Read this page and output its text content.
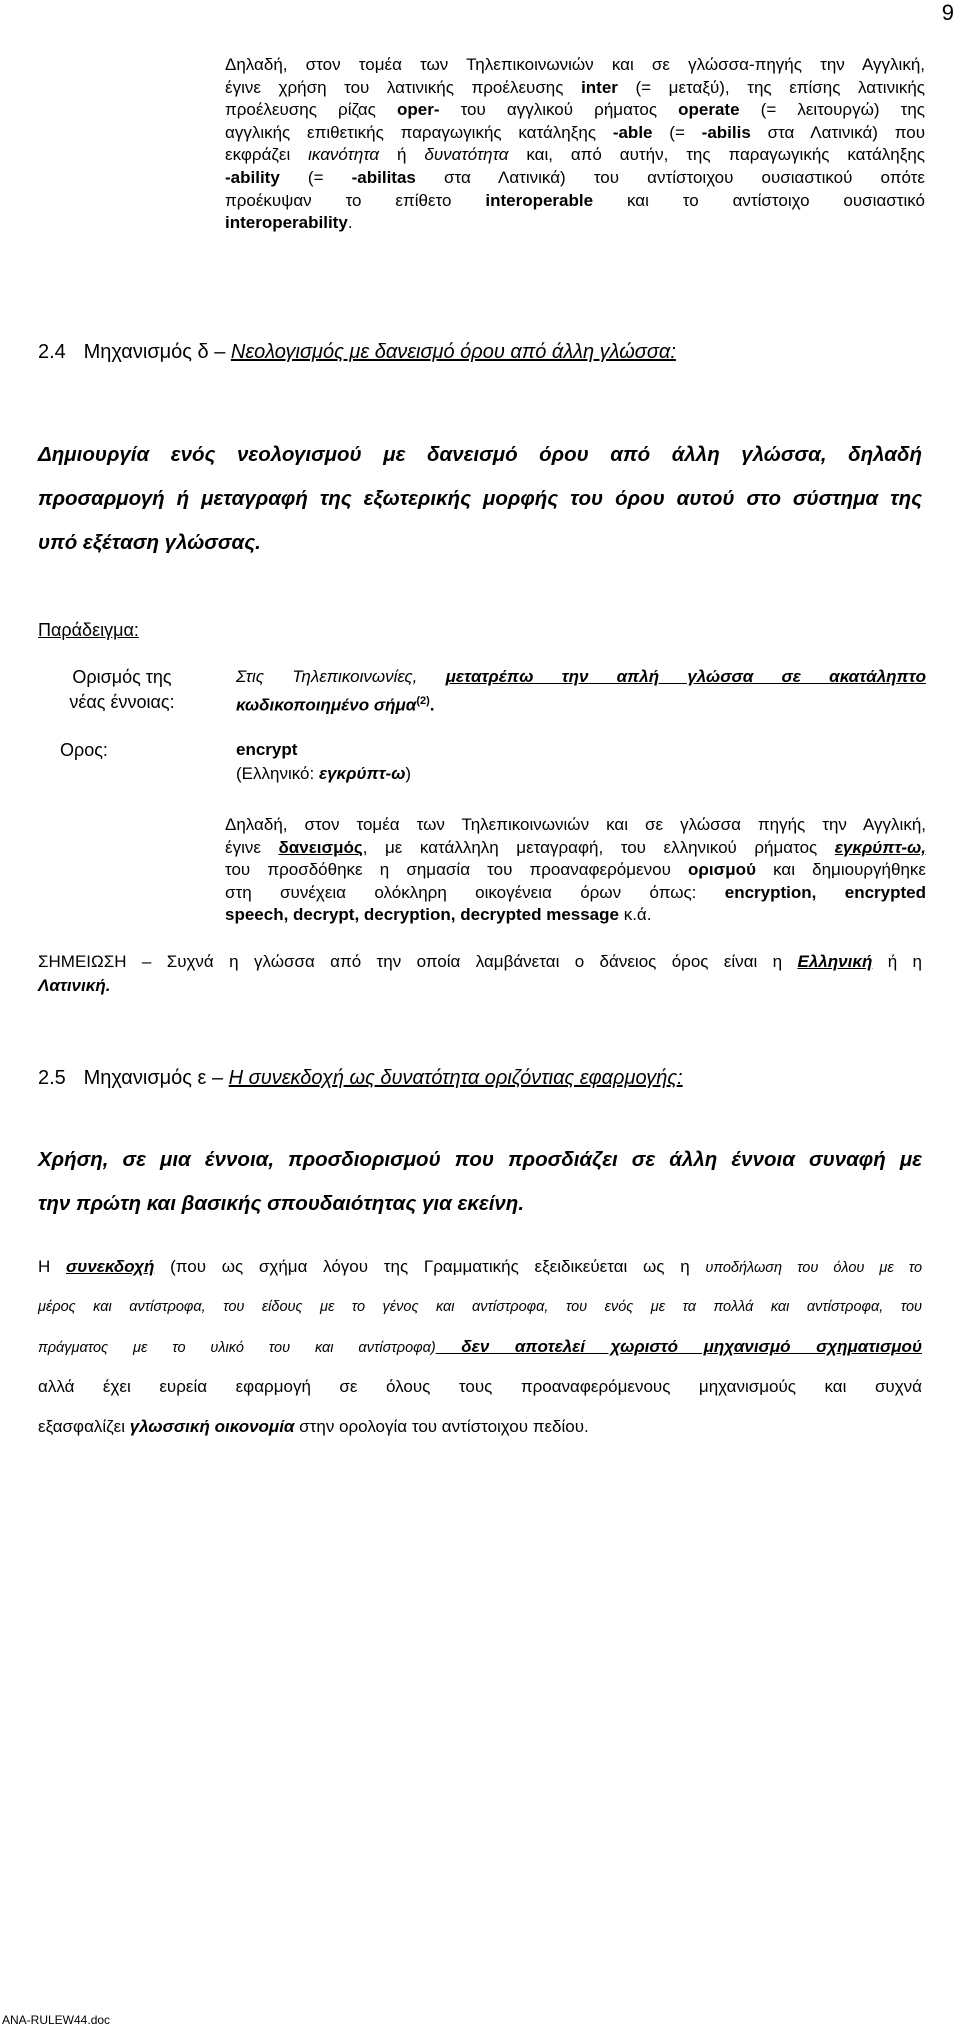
9
Δηλαδή, στον τομέα των Τηλεπικοινωνιών και σε γλώσσα-πηγής την Αγγλική,
έγινε χρήση του λατινικής προέλευσης inter (= μεταξύ), της επίσης λατινικής
προέλευσης ρίζας oper- του αγγλικού ρήματος operate (= λειτουργώ) της
αγγλικής επιθετικής παραγωγικής κατάληξης -able (= -abilis στα Λατινικά) που
εκφράζει ικανότητα ή δυνατότητα και, από αυτήν, της παραγωγικής κατάληξης
-ability (= -abilitas στα Λατινικά) του αντίστοιχου ουσιαστικού οπότε
προέκυψαν το επίθετο interoperable και το αντίστοιχο ουσιαστικό
interoperability.
2.4 Μηχανισμός δ – Νεολογισμός με δανεισμό όρου από άλλη γλώσσα:
Δημιουργία ενός νεολογισμού με δανεισμό όρου από άλλη γλώσσα, δηλαδή
προσαρμογή ή μεταγραφή της εξωτερικής μορφής του όρου αυτού στο σύστημα της
υπό εξέταση γλώσσας.
Παράδειγμα:
Ορισμός της
νέας έννοιας:
Στις Τηλεπικοινωνίες, μετατρέπω την απλή γλώσσα σε ακατάληπτο
κωδικοποιημένο σήμα$^{(2)}$.
Ορος:	encrypt
(Ελληνικό: εγκρύπτ-ω)
Δηλαδή, στον τομέα των Τηλεπικοινωνιών και σε γλώσσα πηγής την Αγγλική,
έγινε δανεισμός, με κατάλληλη μεταγραφή, του ελληνικού ρήματος εγκρύπτ-ω,
του προσδόθηκε η σημασία του προαναφερόμενου ορισμού και δημιουργήθηκε
στη συνέχεια ολόκληρη οικογένεια όρων όπως: encryption, encrypted
speech, decrypt, decryption, decrypted message κ.ά.
ΣΗΜΕΙΩΣΗ – Συχνά η γλώσσα από την οποία λαμβάνεται ο δάνειος όρος είναι η Ελληνική ή η
Λατινική.
2.5 Μηχανισμός ε – Η συνεκδοχή ως δυνατότητα οριζόντιας εφαρμογής:
Χρήση, σε μια έννοια, προσδιορισμού που προσδιάζει σε άλλη έννοια συναφή με
την πρώτη και βασικής σπουδαιότητας για εκείνη.
Η συνεκδοχή (που ως σχήμα λόγου της Γραμματικής εξειδικεύεται ως η υποδήλωση του όλου με το
μέρος και αντίστροφα, του είδους με το γένος και αντίστροφα, του ενός με τα πολλά και αντίστροφα, του
πράγματος με το υλικό του και αντίστροφα) δεν αποτελεί χωριστό μηχανισμό σχηματισμού
αλλά έχει ευρεία εφαρμογή σε όλους τους προαναφερόμενους μηχανισμούς και συχνά
εξασφαλίζει γλωσσική οικονομία στην ορολογία του αντίστοιχου πεδίου.
ANA-RULEW44.doc
